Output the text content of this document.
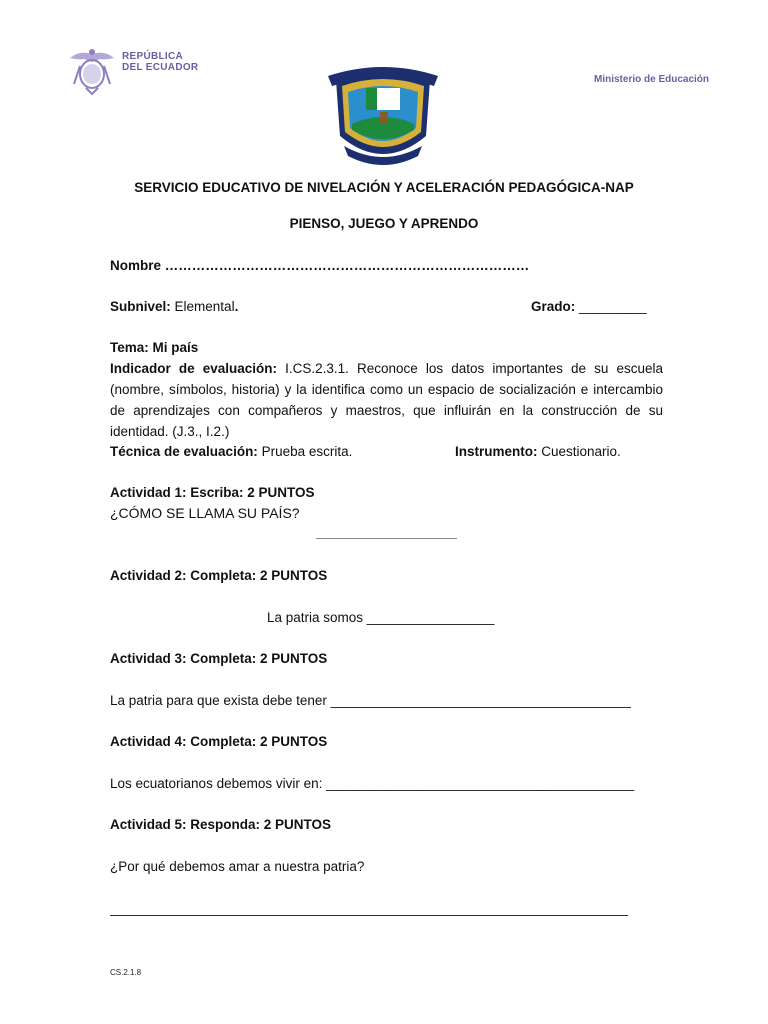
REPÚBLICA
DEL ECUADOR
Ministerio de Educación
SERVICIO EDUCATIVO DE NIVELACIÓN Y ACELERACIÓN PEDAGÓGICA-NAP
PIENSO, JUEGO Y APRENDO
Nombre ………………………………………………………………………
Subnivel: Elemental.	Grado: _________
Tema: Mi país
Indicador de evaluación: I.CS.2.3.1. Reconoce los datos importantes de su escuela (nombre, símbolos, historia) y la identifica como un espacio de socialización e intercambio de aprendizajes con compañeros y maestros, que influirán en la construcción de su identidad. (J.3., I.2.)
Técnica de evaluación: Prueba escrita.	Instrumento: Cuestionario.
Actividad 1: Escriba: 2 PUNTOS
¿CÓMO SE LLAMA SU PAÍS?
Actividad 2: Completa: 2 PUNTOS
La patria somos _________________
Actividad 3: Completa: 2 PUNTOS
La patria para que exista debe tener ________________________________________
Actividad 4: Completa: 2 PUNTOS
Los ecuatorianos debemos vivir en: _________________________________________
Actividad 5: Responda: 2 PUNTOS
¿Por qué debemos amar a nuestra patria?
_____________________________________________________________________
CS.2.1.8
